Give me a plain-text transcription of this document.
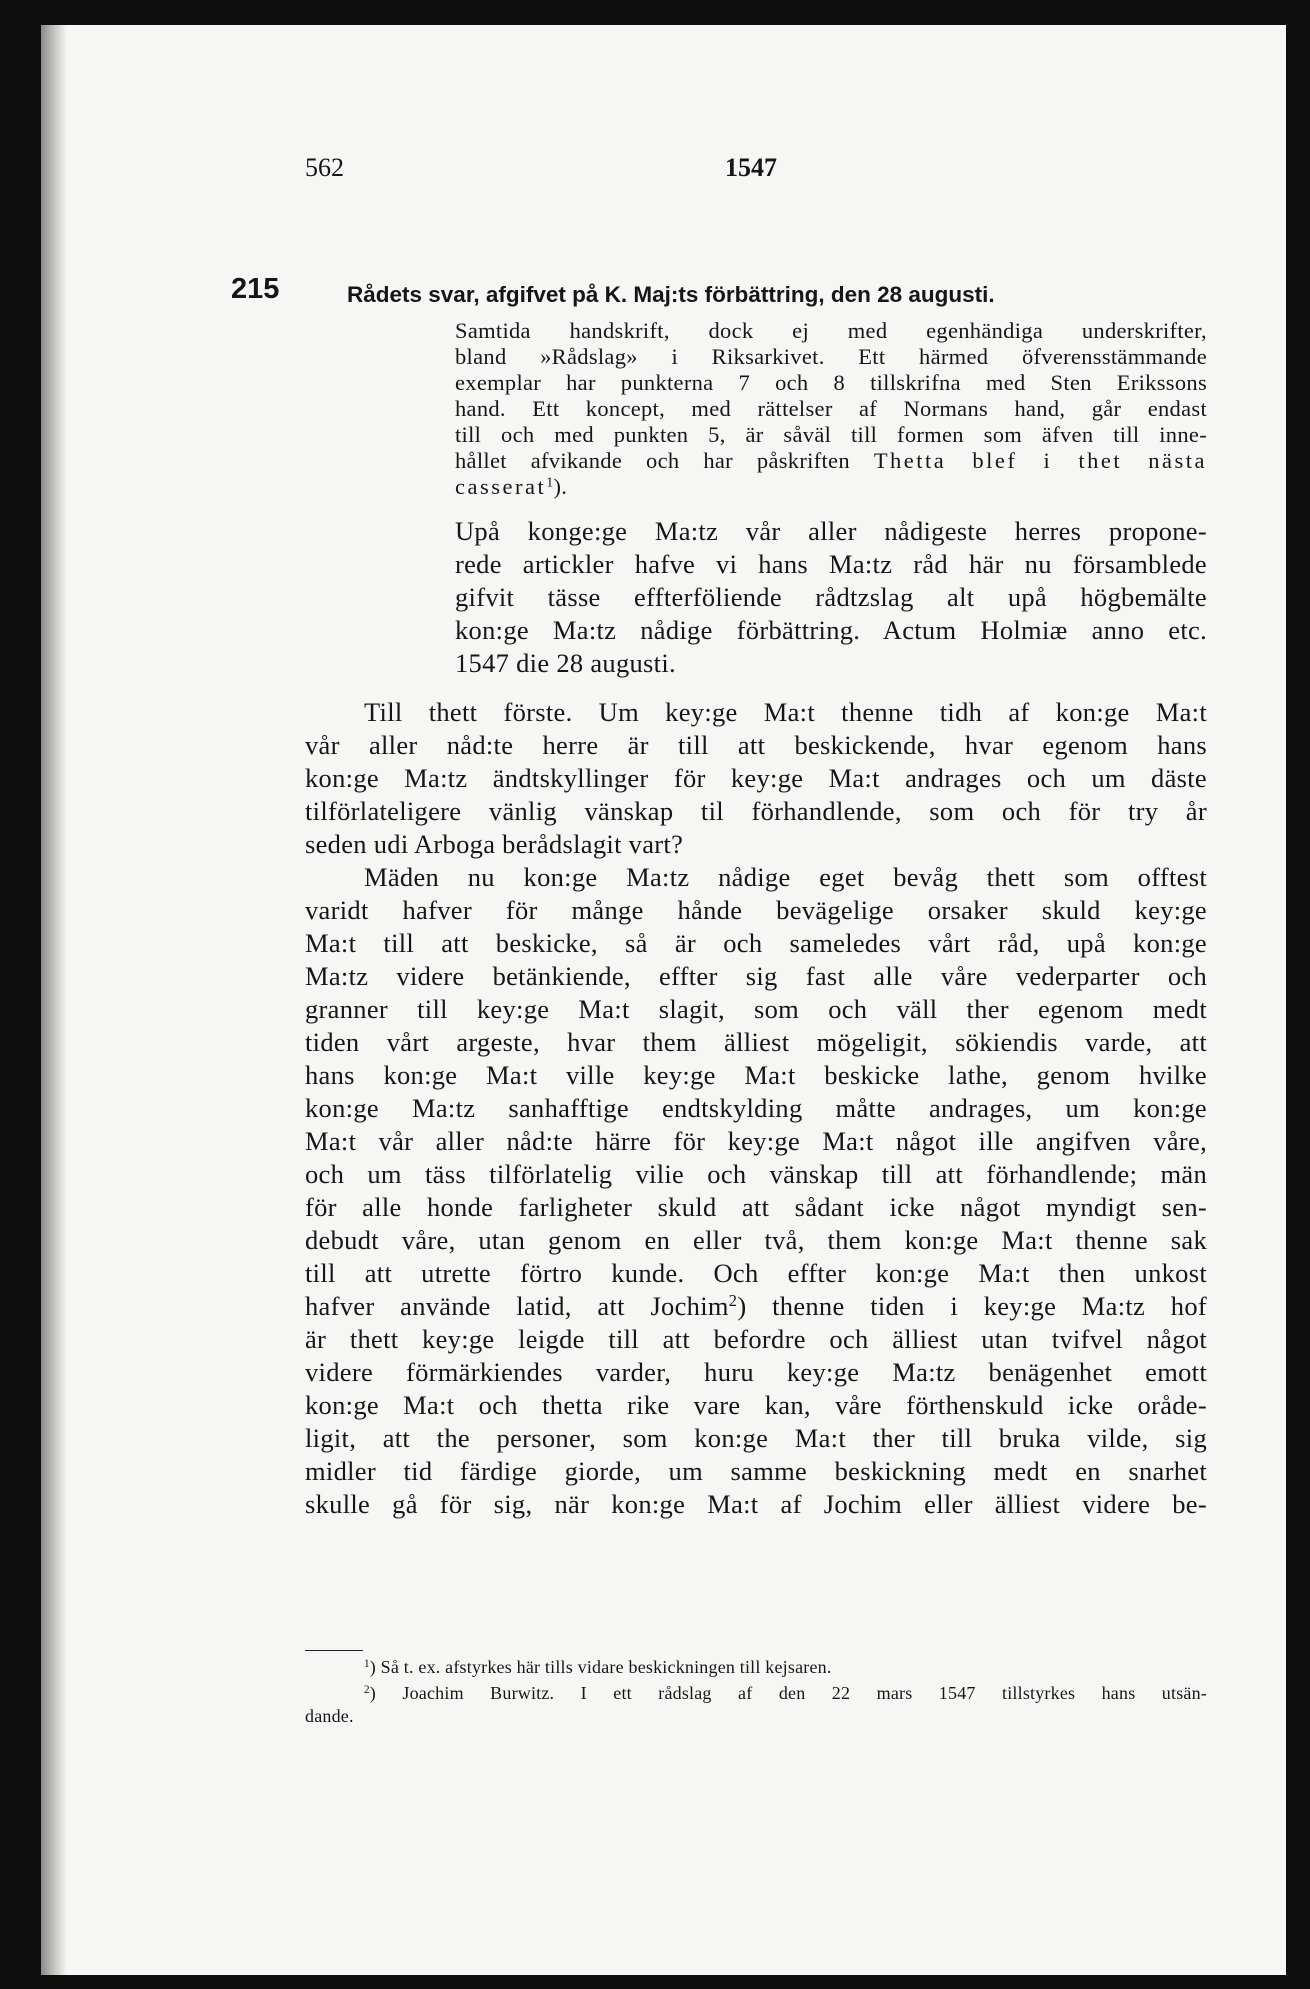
562	1547
215	Rådets svar, afgifvet på K. Maj:ts förbättring, den 28 augusti.
Samtida handskrift, dock ej med egenhändiga underskrifter,
bland »Rådslag» i Riksarkivet. Ett härmed öfverensstämmande
exemplar har punkterna 7 och 8 tillskrifna med Sten Erikssons
hand. Ett koncept, med rättelser af Normans hand, går endast
till och med punkten 5, är såväl till formen som äfven till inne-
hållet afvikande och har påskriften Thetta blef i thet nästa
casserat$^1$).
Upå konge:ge Ma:tz vår aller nådigeste herres propone-
rede artickler hafve vi hans Ma:tz råd här nu församblede
gifvit tässe effterföliende rådtzslag alt upå högbemälte
kon:ge Ma:tz nådige förbättring. Actum Holmiæ anno etc.
1547 die 28 augusti.
Till thett förste. Um key:ge Ma:t thenne tidh af kon:ge Ma:t
vår aller nåd:te herre är till att beskickende, hvar egenom hans
kon:ge Ma:tz ändtskyllinger för key:ge Ma:t andrages och um däste
tilförlateligere vänlig vänskap til förhandlende, som och för try år
seden udi Arboga berådslagit vart?
Mäden nu kon:ge Ma:tz nådige eget bevåg thett som offtest
varidt hafver för månge hånde bevägelige orsaker skuld key:ge
Ma:t till att beskicke, så är och sameledes vårt råd, upå kon:ge
Ma:tz videre betänkiende, effter sig fast alle våre vederparter och
granner till key:ge Ma:t slagit, som och väll ther egenom medt
tiden vårt argeste, hvar them älliest mögeligit, sökiendis varde, att
hans kon:ge Ma:t ville key:ge Ma:t beskicke lathe, genom hvilke
kon:ge Ma:tz sanhafftige endtskylding måtte andrages, um kon:ge
Ma:t vår aller nåd:te härre för key:ge Ma:t något ille angifven våre,
och um täss tilförlatelig vilie och vänskap till att förhandlende; män
för alle honde farligheter skuld att sådant icke något myndigt sen-
debudt våre, utan genom en eller två, them kon:ge Ma:t thenne sak
till att utrette förtro kunde. Och effter kon:ge Ma:t then unkost
hafver användе latid, att Jochim$^2$) thenne tiden i key:ge Ma:tz hof
är thett key:ge leigde till att befordre och älliest utan tvifvel något
videre förmärkiendes varder, huru key:ge Ma:tz benägenhet emott
kon:ge Ma:t och thetta rike vare kan, våre förthenskuld icke oråde-
ligit, att the personer, som kon:ge Ma:t ther till bruka vilde, sig
midler tid färdige giorde, um samme beskickning medt en snarhet
skulle gå för sig, när kon:ge Ma:t af Jochim eller älliest videre be-
$^1$) Så t. ex. afstyrkes här tills vidare beskickningen till kejsaren.
$^2$) Joachim Burwitz. I ett rådslag af den 22 mars 1547 tillstyrkes hans utsän-
dande.
